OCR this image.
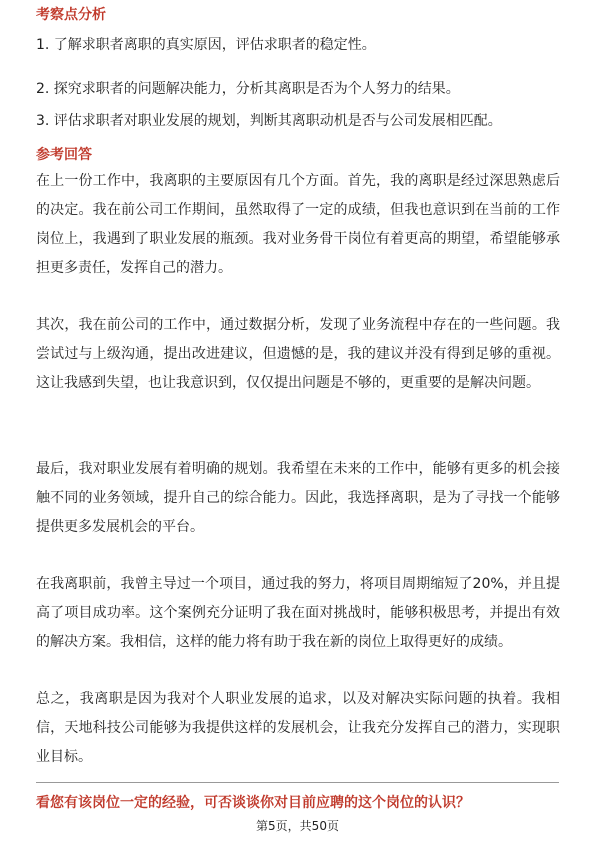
考察点分析
1. 了解求职者离职的真实原因，评估求职者的稳定性。
2. 探究求职者的问题解决能力，分析其离职是否为个人努力的结果。
3. 评估求职者对职业发展的规划，判断其离职动机是否与公司发展相匹配。
参考回答

在上一份工作中，我离职的主要原因有几个方面。首先，我的离职是经过深思熟虑后的决定。我在前公司工作期间，虽然取得了一定的成绩，但我也意识到在当前的工作岗位上，我遇到了职业发展的瓶颈。我对业务骨干岗位有着更高的期望，希望能够承担更多责任，发挥自己的潜力。

其次，我在前公司的工作中，通过数据分析，发现了业务流程中存在的一些问题。我尝试过与上级沟通，提出改进建议，但遗憾的是，我的建议并没有得到足够的重视。这让我感到失望，也让我意识到，仅仅提出问题是不够的，更重要的是解决问题。

最后，我对职业发展有着明确的规划。我希望在未来的工作中，能够有更多的机会接触不同的业务领域，提升自己的综合能力。因此，我选择离职，是为了寻找一个能够提供更多发展机会的平台。

在我离职前，我曾主导过一个项目，通过我的努力，将项目周期缩短了20%，并且提高了项目成功率。这个案例充分证明了我在面对挑战时，能够积极思考，并提出有效的解决方案。我相信，这样的能力将有助于我在新的岗位上取得更好的成绩。

总之，我离职是因为我对个人职业发展的追求，以及对解决实际问题的执着。我相信，天地科技公司能够为我提供这样的发展机会，让我充分发挥自己的潜力，实现职业目标。

看您有该岗位一定的经验，可否谈谈你对目前应聘的这个岗位的认识？
第5页，共50页
